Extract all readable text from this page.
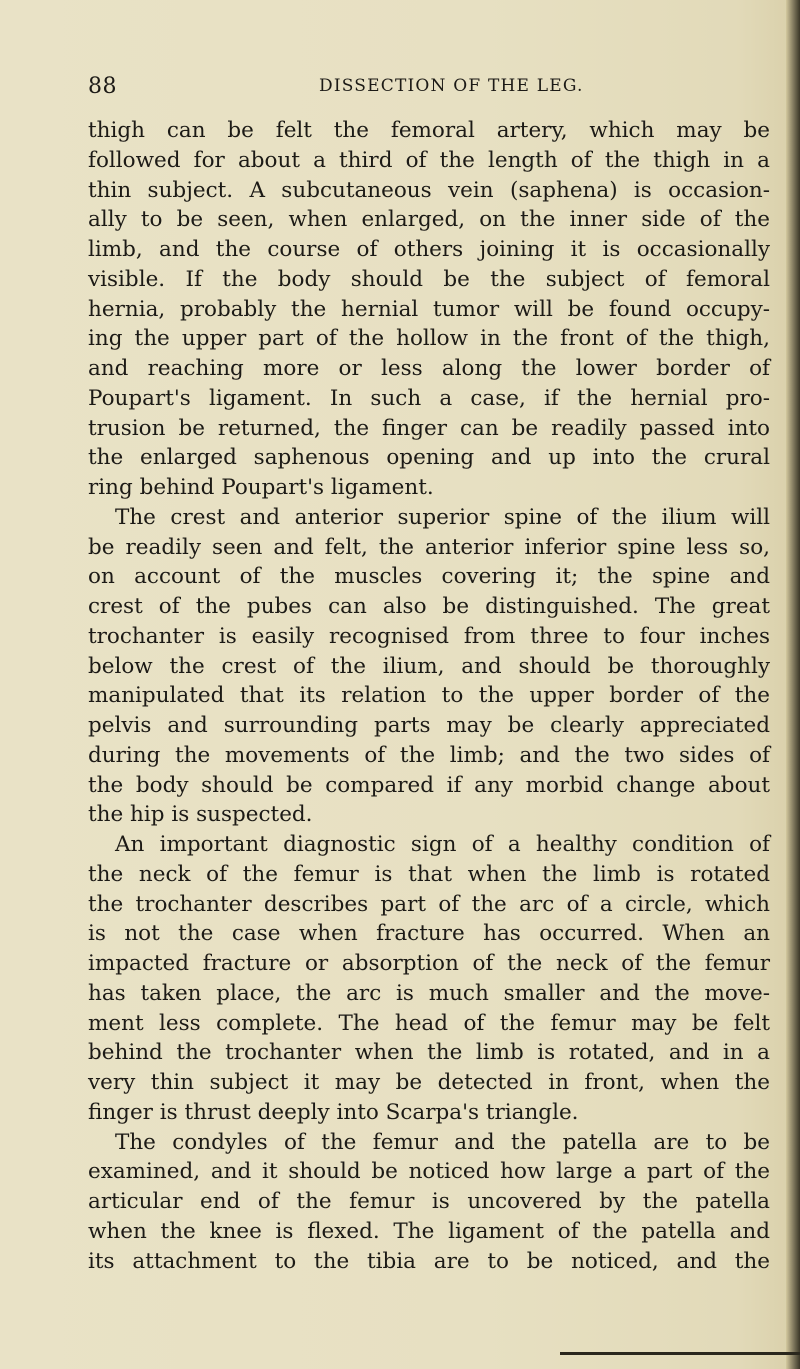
88	DISSECTION OF THE LEG.
thigh can be felt the femoral artery, which may be
followed for about a third of the length of the thigh in a
thin subject. A subcutaneous vein (saphena) is occasion-
ally to be seen, when enlarged, on the inner side of the
limb, and the course of others joining it is occasionally
visible. If the body should be the subject of femoral
hernia, probably the hernial tumor will be found occupy-
ing the upper part of the hollow in the front of the thigh,
and reaching more or less along the lower border of
Poupart's ligament. In such a case, if the hernial pro-
trusion be returned, the finger can be readily passed into
the enlarged saphenous opening and up into the crural
ring behind Poupart's ligament.
The crest and anterior superior spine of the ilium will
be readily seen and felt, the anterior inferior spine less so,
on account of the muscles covering it; the spine and
crest of the pubes can also be distinguished. The great
trochanter is easily recognised from three to four inches
below the crest of the ilium, and should be thoroughly
manipulated that its relation to the upper border of the
pelvis and surrounding parts may be clearly appreciated
during the movements of the limb; and the two sides of
the body should be compared if any morbid change about
the hip is suspected.
An important diagnostic sign of a healthy condition of
the neck of the femur is that when the limb is rotated
the trochanter describes part of the arc of a circle, which
is not the case when fracture has occurred. When an
impacted fracture or absorption of the neck of the femur
has taken place, the arc is much smaller and the move-
ment less complete. The head of the femur may be felt
behind the trochanter when the limb is rotated, and in a
very thin subject it may be detected in front, when the
finger is thrust deeply into Scarpa's triangle.
The condyles of the femur and the patella are to be
examined, and it should be noticed how large a part of the
articular end of the femur is uncovered by the patella
when the knee is flexed. The ligament of the patella and
its attachment to the tibia are to be noticed, and the
